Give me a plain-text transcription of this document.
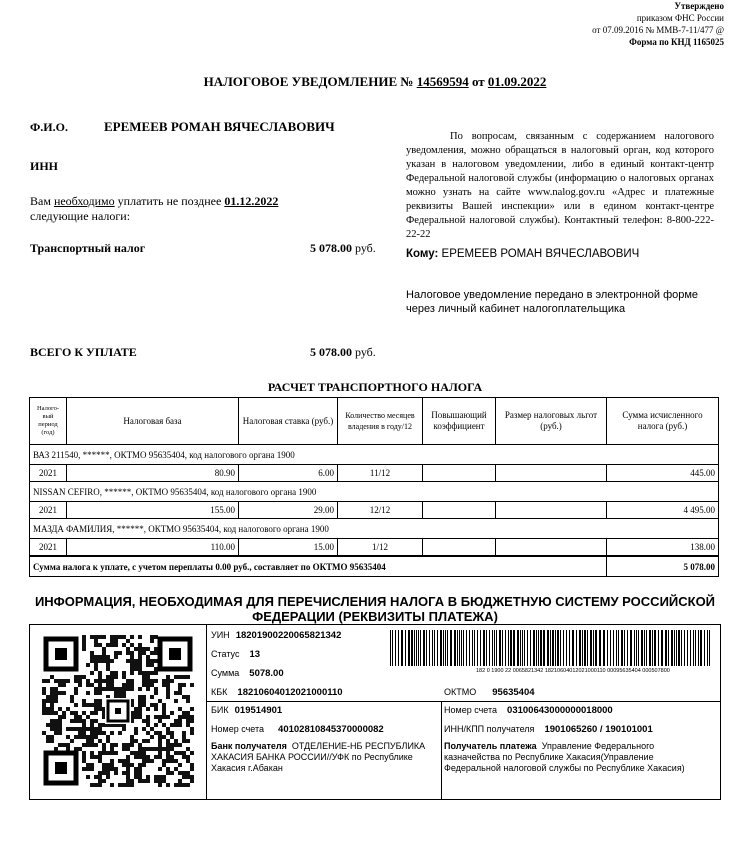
Утверждено
приказом ФНС России
от 07.09.2016 № ММВ-7-11/477 @
Форма по КНД 1165025
НАЛОГОВОЕ УВЕДОМЛЕНИЕ № 14569594 от 01.09.2022
Ф.И.О.	ЕРЕМЕЕВ РОМАН ВЯЧЕСЛАВОВИЧ
ИНН
Вам необходимо уплатить не позднее 01.12.2022
следующие налоги:
Транспортный налог	5 078.00 руб.
ВСЕГО К УПЛАТЕ	5 078.00 руб.
По вопросам, связанным с содержанием налогового уведомления, можно обращаться в налоговый орган, код которого указан в налоговом уведомлении, либо в единый контакт-центр Федеральной налоговой службы (информацию о налоговых органах можно узнать на сайте www.nalog.gov.ru «Адрес и платежные реквизиты Вашей инспекции» или в едином контакт-центре Федеральной налоговой службы). Контактный телефон: 8-800-222-22-22
Кому: ЕРЕМЕЕВ РОМАН ВЯЧЕСЛАВОВИЧ
Налоговое уведомление передано в электронной форме через личный кабинет налогоплательщика
РАСЧЕТ ТРАНСПОРТНОГО НАЛОГА
Налого-вый период (год)	Налоговая база	Налоговая ставка (руб.)	Количество месяцев владения в году/12	Повышающий коэффициент	Размер налоговых льгот (руб.)	Сумма исчисленного налога (руб.)
ВАЗ 211540, ******, ОКТМО 95635404, код налогового органа 1900						
2021	80.90	6.00	11/12			445.00
NISSAN CEFIRO, ******, ОКТМО 95635404, код налогового органа 1900						
2021	155.00	29.00	12/12			4 495.00
МАЗДА ФАМИЛИЯ, ******, ОКТМО 95635404, код налогового органа 1900						
2021	110.00	15.00	1/12			138.00
Сумма налога к уплате, с учетом переплаты 0.00 руб., составляет по ОКТМО 95635404						5 078.00
ИНФОРМАЦИЯ, НЕОБХОДИМАЯ ДЛЯ ПЕРЕЧИСЛЕНИЯ НАЛОГА В БЮДЖЕТНУЮ СИСТЕМУ РОССИЙСКОЙ ФЕДЕРАЦИИ (РЕКВИЗИТЫ ПЛАТЕЖА)
УИН 18201900220065821342
Статус 13
Сумма 5078.00
КБК 18210604012021000110	ОКТМО 95635404
182 0 1900 22 0065821342 18210604012021000110 00095635404 000507800
БИК 019514901
Номер счета 40102810845370000082
Банк получателя ОТДЕЛЕНИЕ-НБ РЕСПУБЛИКА ХАКАСИЯ БАНКА РОССИИ//УФК по Республике Хакасия г.Абакан
Номер счета 03100643000000018000
ИНН/КПП получателя 1901065260 / 190101001
Получатель платежа Управление Федерального казначейства по Республике Хакасия(Управление Федеральной налоговой службы по Республике Хакасия)
